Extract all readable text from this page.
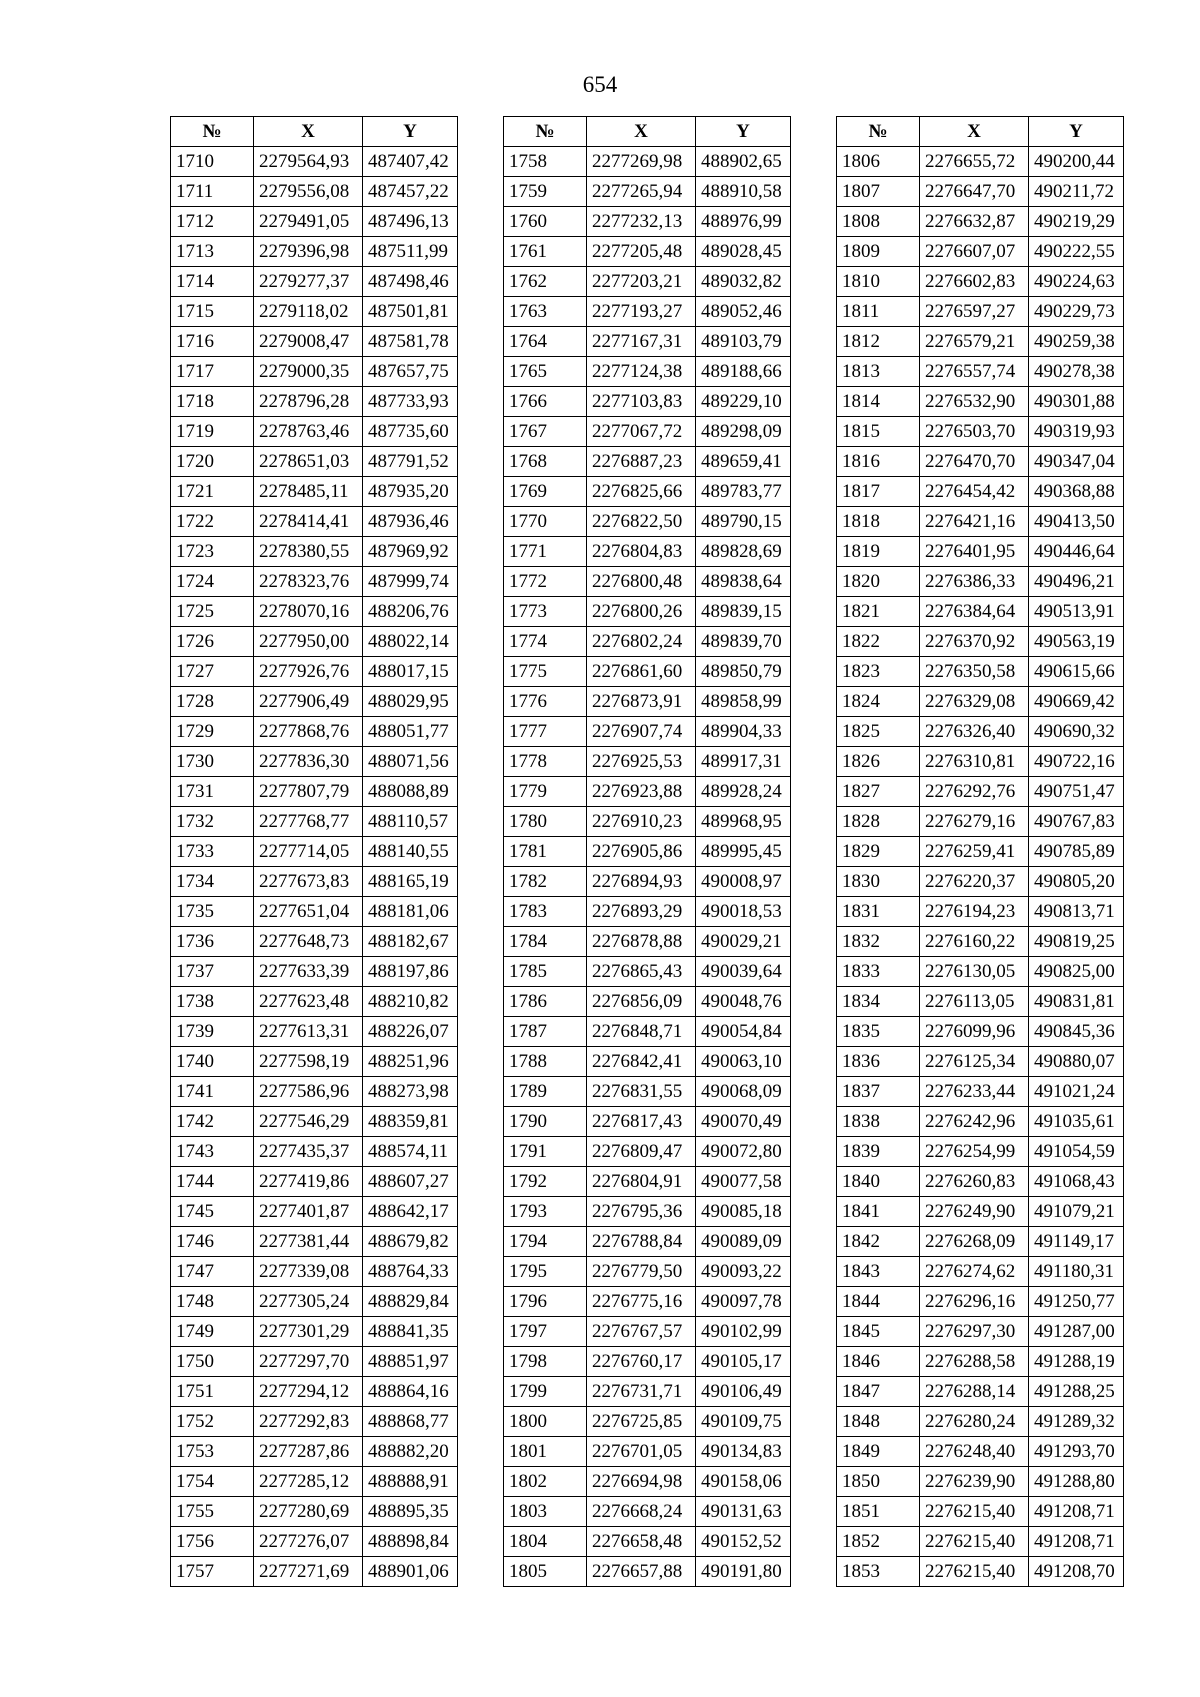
654
№	X	Y
1710	2279564,93	487407,42
1711	2279556,08	487457,22
1712	2279491,05	487496,13
1713	2279396,98	487511,99
1714	2279277,37	487498,46
1715	2279118,02	487501,81
1716	2279008,47	487581,78
1717	2279000,35	487657,75
1718	2278796,28	487733,93
1719	2278763,46	487735,60
1720	2278651,03	487791,52
1721	2278485,11	487935,20
1722	2278414,41	487936,46
1723	2278380,55	487969,92
1724	2278323,76	487999,74
1725	2278070,16	488206,76
1726	2277950,00	488022,14
1727	2277926,76	488017,15
1728	2277906,49	488029,95
1729	2277868,76	488051,77
1730	2277836,30	488071,56
1731	2277807,79	488088,89
1732	2277768,77	488110,57
1733	2277714,05	488140,55
1734	2277673,83	488165,19
1735	2277651,04	488181,06
1736	2277648,73	488182,67
1737	2277633,39	488197,86
1738	2277623,48	488210,82
1739	2277613,31	488226,07
1740	2277598,19	488251,96
1741	2277586,96	488273,98
1742	2277546,29	488359,81
1743	2277435,37	488574,11
1744	2277419,86	488607,27
1745	2277401,87	488642,17
1746	2277381,44	488679,82
1747	2277339,08	488764,33
1748	2277305,24	488829,84
1749	2277301,29	488841,35
1750	2277297,70	488851,97
1751	2277294,12	488864,16
1752	2277292,83	488868,77
1753	2277287,86	488882,20
1754	2277285,12	488888,91
1755	2277280,69	488895,35
1756	2277276,07	488898,84
1757	2277271,69	488901,06
№	X	Y
1758	2277269,98	488902,65
1759	2277265,94	488910,58
1760	2277232,13	488976,99
1761	2277205,48	489028,45
1762	2277203,21	489032,82
1763	2277193,27	489052,46
1764	2277167,31	489103,79
1765	2277124,38	489188,66
1766	2277103,83	489229,10
1767	2277067,72	489298,09
1768	2276887,23	489659,41
1769	2276825,66	489783,77
1770	2276822,50	489790,15
1771	2276804,83	489828,69
1772	2276800,48	489838,64
1773	2276800,26	489839,15
1774	2276802,24	489839,70
1775	2276861,60	489850,79
1776	2276873,91	489858,99
1777	2276907,74	489904,33
1778	2276925,53	489917,31
1779	2276923,88	489928,24
1780	2276910,23	489968,95
1781	2276905,86	489995,45
1782	2276894,93	490008,97
1783	2276893,29	490018,53
1784	2276878,88	490029,21
1785	2276865,43	490039,64
1786	2276856,09	490048,76
1787	2276848,71	490054,84
1788	2276842,41	490063,10
1789	2276831,55	490068,09
1790	2276817,43	490070,49
1791	2276809,47	490072,80
1792	2276804,91	490077,58
1793	2276795,36	490085,18
1794	2276788,84	490089,09
1795	2276779,50	490093,22
1796	2276775,16	490097,78
1797	2276767,57	490102,99
1798	2276760,17	490105,17
1799	2276731,71	490106,49
1800	2276725,85	490109,75
1801	2276701,05	490134,83
1802	2276694,98	490158,06
1803	2276668,24	490131,63
1804	2276658,48	490152,52
1805	2276657,88	490191,80
№	X	Y
1806	2276655,72	490200,44
1807	2276647,70	490211,72
1808	2276632,87	490219,29
1809	2276607,07	490222,55
1810	2276602,83	490224,63
1811	2276597,27	490229,73
1812	2276579,21	490259,38
1813	2276557,74	490278,38
1814	2276532,90	490301,88
1815	2276503,70	490319,93
1816	2276470,70	490347,04
1817	2276454,42	490368,88
1818	2276421,16	490413,50
1819	2276401,95	490446,64
1820	2276386,33	490496,21
1821	2276384,64	490513,91
1822	2276370,92	490563,19
1823	2276350,58	490615,66
1824	2276329,08	490669,42
1825	2276326,40	490690,32
1826	2276310,81	490722,16
1827	2276292,76	490751,47
1828	2276279,16	490767,83
1829	2276259,41	490785,89
1830	2276220,37	490805,20
1831	2276194,23	490813,71
1832	2276160,22	490819,25
1833	2276130,05	490825,00
1834	2276113,05	490831,81
1835	2276099,96	490845,36
1836	2276125,34	490880,07
1837	2276233,44	491021,24
1838	2276242,96	491035,61
1839	2276254,99	491054,59
1840	2276260,83	491068,43
1841	2276249,90	491079,21
1842	2276268,09	491149,17
1843	2276274,62	491180,31
1844	2276296,16	491250,77
1845	2276297,30	491287,00
1846	2276288,58	491288,19
1847	2276288,14	491288,25
1848	2276280,24	491289,32
1849	2276248,40	491293,70
1850	2276239,90	491288,80
1851	2276215,40	491208,71
1852	2276215,40	491208,71
1853	2276215,40	491208,70
